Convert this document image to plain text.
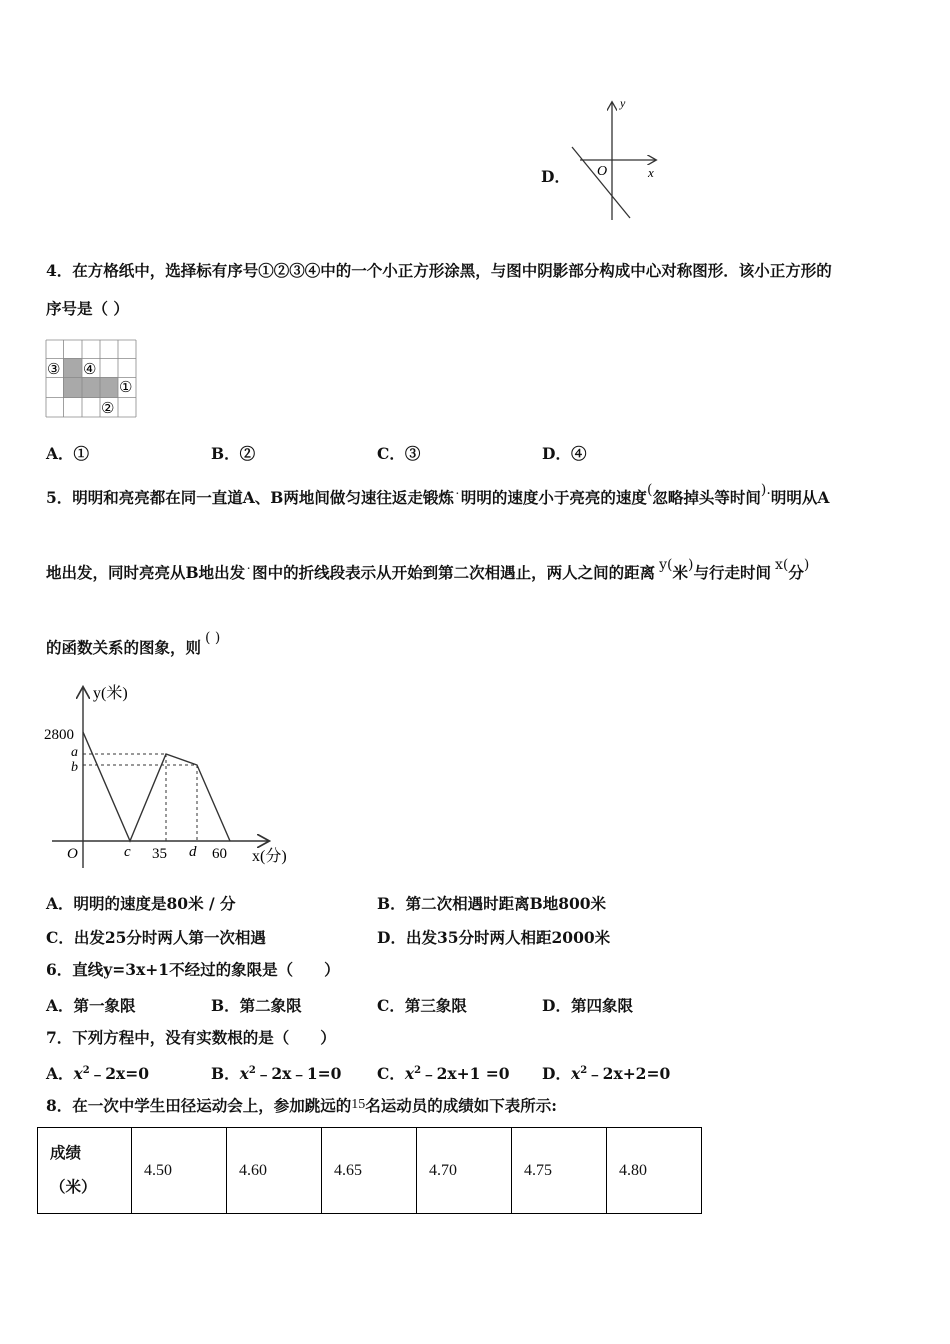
D．
y
x
O
4．在方格纸中，选择标有序号①②③④中的一个小正方形涂黑，与图中阴影部分构成中心对称图形．该小正方形的
序号是（ ）
③ ④
①
②
A．①	B．②	C．③	D．④
5．明明和亮亮都在同一直道A、B两地间做匀速往返走锻炼˙明明的速度小于亮亮的速度(忽略掉头等时间).明明从A
地出发，同时亮亮从B地出发˙图中的折线段表示从开始到第二次相遇止，两人之间的距离 y(米)与行走时间 x(分)
的函数关系的图象，则 ( )
y(米)
2800
a
b
O	c 35 d 60 x(分)
A．明明的速度是80米 / 分	B．第二次相遇时距离B地800米
C．出发25分时两人第一次相遇	D．出发35分时两人相距2000米
6．直线y=3x+1不经过的象限是（　　）
A．第一象限	B．第二象限	C．第三象限	D．第四象限
7．下列方程中，没有实数根的是（　　）
A．$x^2﹣2x=0$	B．$x^2﹣2x﹣1=0$ C．$x^2﹣2x+1 =0$ D．$x^2﹣2x+2=0$
8．在一次中学生田径运动会上，参加跳远的15名运动员的成绩如下表所示:
成绩
（米）
	4.50	4.60	4.65	4.70	4.75	4.80
